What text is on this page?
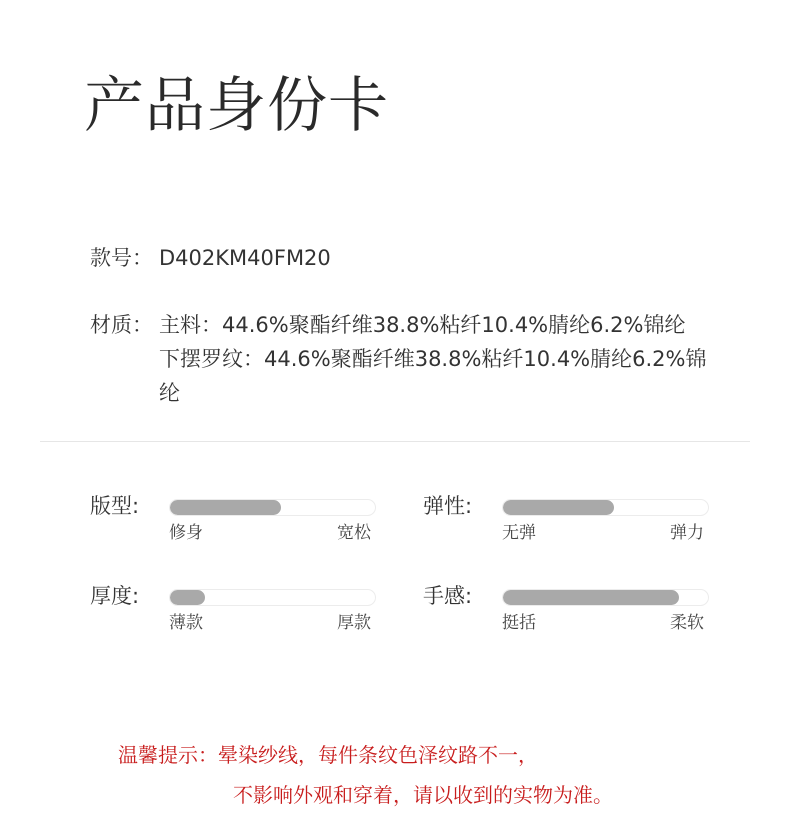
产品身份卡
款号： D402KM40FM20
材质： 主料：44.6%聚酯纤维38.8%粘纤10.4%腈纶6.2%锦纶
下摆罗纹：44.6%聚酯纤维38.8%粘纤10.4%腈纶6.2%锦
纶
版型:
修身	宽松
弹性:
无弹	弹力
厚度:
薄款	厚款
手感:
挺括	柔软
温馨提示：晕染纱线，每件条纹色泽纹路不一，
不影响外观和穿着，请以收到的实物为准。
